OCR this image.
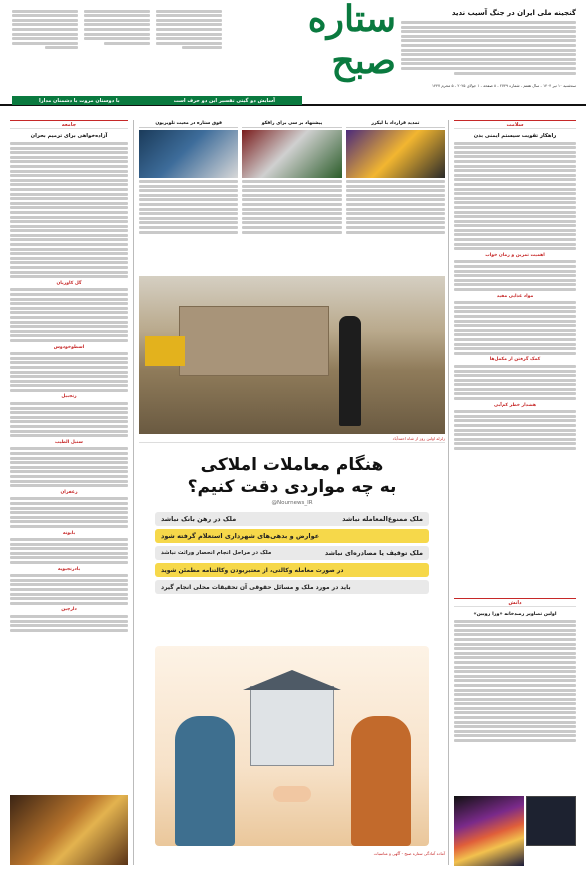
گنجینه ملی ایران در جنگ آسیب ندید
ستاره صبح
سه‌شنبه ۱۰ تیر ۱۴۰۴ - سال هفتم - شماره ۲۷۴۹ - ۸ صفحه - ۱ جولای ۲۰۲۵ - ۵ محرم ۱۴۴۷
آسایش دو گیتی تفسیر این دو حرف است
با دوستان مروت با دشمنان مدارا
جامعه
آزاده‌خواهی برای ترمیم بحران
گل کاوزبان
اسطوخودوس
زنجبیل
سنبل الطیب
زعفران
بابونه
بادرنجبویه
دارچین
سلامت
راهکار تقویت سیستم ایمنی بدن
اهمیت تمرین و زمان خواب
مواد غذایی مفید
کمک گرفتن از مکمل‌ها
هشدار خطر کم‌آبی
دانش
اولین تصاویر رصدخانه «ورا روبین»
تمدید قرارداد با لیکرز
پیشنهاد بر سی برای رافکو
فوق ستاره در معیت تلویزیون
زلزله اولین روز از شاه احمدآباد
هنگام معاملات املاکی
به چه مواردی دقت کنیم؟
@Nournews_IR
ملک ممنوع‌المعامله نباشد
ملک در رهن بانک نباشد
عوارض و بدهی‌های شهرداری استعلام گرفته شود
ملک توقیف یا مصادره‌ای نباشد
ملک در مراحل انجام انحصار وراثت نباشد
در صورت معامله وکالتی، از معتبربودن وکالتنامه مطمئن شوید
باید در مورد ملک و مسائل حقوقی آن تحقیقات محلی انجام گیرد
آماده آمادگی ستاره صبح - آگهی و مناسبات
